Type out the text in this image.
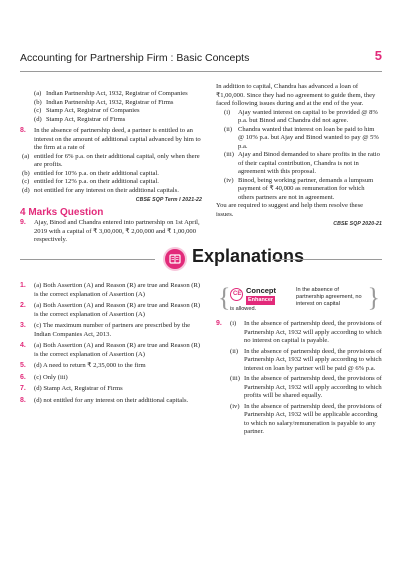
Accounting for Partnership Firm : Basic Concepts	5
(a) Indian Partnership Act, 1932, Registrar of Companies
(b) Indian Partnership Act, 1932, Registrar of Firms
(c) Stamp Act, Registrar of Companies
(d) Stamp Act, Registrar of Firms
8.	In the absence of partnership deed, a partner is entitled to an interest on the amount of additional capital advanced by him to the firm at a rate of
(a) entitled for 6% p.a. on their additional capital, only when there are profits.
(b) entitled for 10% p.a. on their additional capital.
(c) entitled for 12% p.a. on their additional capital.
(d) not entitled for any interest on their additional capitals.
CBSE SQP Term I 2021-22
4 Marks Question
9.	Ajay, Binod and Chandra entered into partnership on 1st April, 2019 with a capital of ₹ 3,00,000, ₹ 2,00,000 and ₹ 1,00,000 respectively.
In addition to capital, Chandra has advanced a loan of ₹1,00,000. Since they had no agreement to guide them, they faced following issues during and at the end of the year.
(i)	Ajay wanted interest on capital to be provided @ 8% p.a. but Binod and Chandra did not agree.
(ii) Chandra wanted that interest on loan be paid to him @ 10% p.a. but Ajay and Binod wanted to pay @ 5% p.a.
(iii) Ajay and Binod demanded to share profits in the ratio of their capital contribution, Chandra is not in agreement with this proposal.
(iv) Binod, being working partner, demands a lumpsum payment of ₹ 40,000 as remuneration for which others partners are not in agreement.
You are required to suggest and help them resolve these issues.
CBSE SQP 2020-21
Explanations
1.	(a) Both Assertion (A) and Reason (R) are true and Reason (R) is the correct explanation of Assertion (A)
2.	(a) Both Assertion (A) and Reason (R) are true and Reason (R) is the correct explanation of Assertion (A)
3.	(c) The maximum number of partners are prescribed by the Indian Companies Act, 2013.
4.	(a) Both Assertion (A) and Reason (R) are true and Reason (R) is the correct explanation of Assertion (A)
5.	(d) A need to return ₹ 2,35,000 to the firm
6.	(c) Only (iii)
7.	(d) Stamp Act, Registrar of Firms
8.	(d) not entitled for any interest on their additional capitals.
{ CE Concept
Enhancer
In the absence of partnership agreement, no interest on capital
is allowed.	}
9.	(i)	In the absence of partnership deed, the provisions of Partnership Act, 1932 will apply according to which no interest on capital is payable.
(ii) In the absence of partnership deed, the provisions of Partnership Act, 1932 will apply according to which interest on loan by partner will be paid @ 6% p.a.
(iii) In the absence of partnership deed, the provisions of Partnership Act, 1932 will apply according to which profits will be shared equally.
(iv) In the absence of partnership deed, the provisions of Partnership Act, 1932 will be applicable according to which no salary/remuneration is payable to any partner.
